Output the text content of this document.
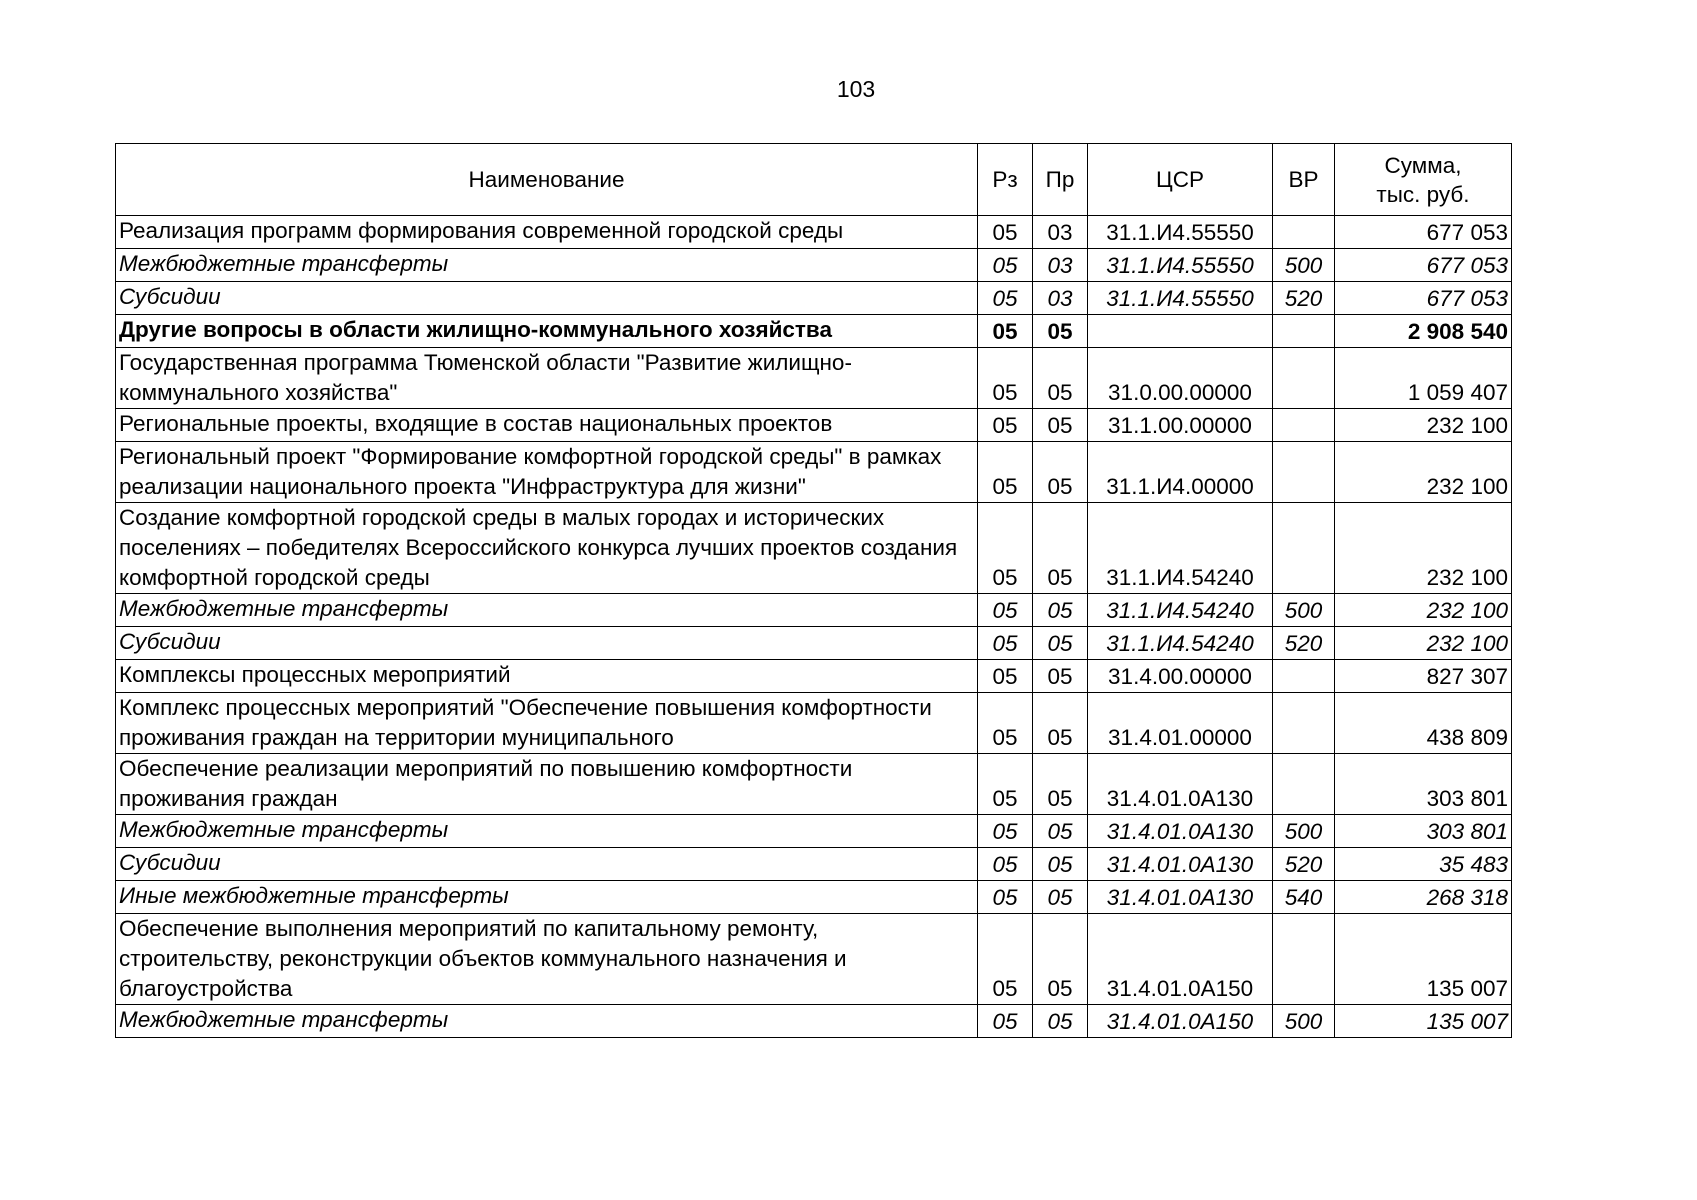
103
Наименование	Рз	Пр	ЦСР	ВР	Сумма,
тыс. руб.

Реализация программ формирования современной городской среды	05	03	31.1.И4.55550		677 053
Межбюджетные трансферты	05	03	31.1.И4.55550	500	677 053
Субсидии	05	03	31.1.И4.55550	520	677 053
Другие вопросы в области жилищно-коммунального хозяйства	05	05			2 908 540
Государственная программа Тюменской области "Развитие жилищно-коммунального хозяйства"	05	05	31.0.00.00000		1 059 407
Региональные проекты, входящие в состав национальных проектов	05	05	31.1.00.00000		232 100
Региональный проект "Формирование комфортной городской среды" в рамках реализации национального проекта "Инфраструктура для жизни"	05	05	31.1.И4.00000		232 100
Создание комфортной городской среды в малых городах и исторических поселениях – победителях Всероссийского конкурса лучших проектов создания комфортной городской среды	05	05	31.1.И4.54240		232 100
Межбюджетные трансферты	05	05	31.1.И4.54240	500	232 100
Субсидии	05	05	31.1.И4.54240	520	232 100
Комплексы процессных мероприятий	05	05	31.4.00.00000		827 307
Комплекс процессных мероприятий "Обеспечение повышения комфортности проживания граждан на территории муниципального	05	05	31.4.01.00000		438 809
Обеспечение реализации мероприятий по повышению комфортности проживания граждан	05	05	31.4.01.0А130		303 801
Межбюджетные трансферты	05	05	31.4.01.0А130	500	303 801
Субсидии	05	05	31.4.01.0А130	520	35 483
Иные межбюджетные трансферты	05	05	31.4.01.0А130	540	268 318
Обеспечение выполнения мероприятий по капитальному ремонту, строительству, реконструкции объектов коммунального назначения и благоустройства	05	05	31.4.01.0А150		135 007
Межбюджетные трансферты	05	05	31.4.01.0А150	500	135 007
